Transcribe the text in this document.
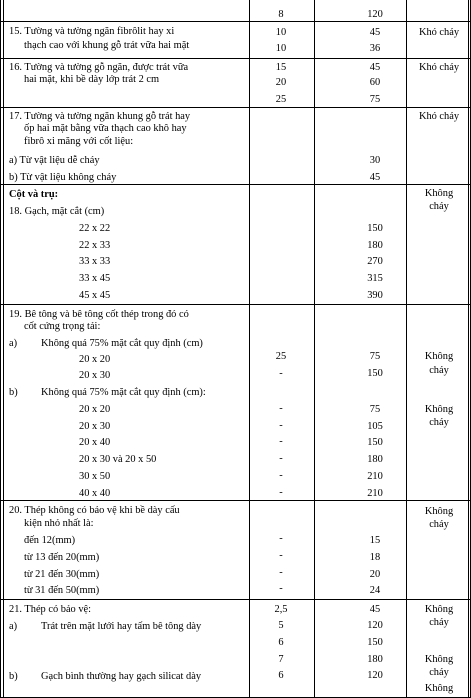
8	120
15. Tường và tường ngăn fibrôlit hay xi
thạch cao với khung gỗ trát vữa hai mặt
10
10
45
36
Khó cháy
16. Tường và tường gỗ ngăn, được trát vữa
hai mặt, khi bề dày lớp trát 2 cm
15
20
25
45
60
75
Khó cháy
17. Tường và tường ngăn khung gỗ trát hay
ốp hai mặt bằng vữa thạch cao khô hay
fibrô xi măng với cốt liệu:
a) Từ vật liệu dễ cháy
b) Từ vật liệu không cháy
30
45
Khó cháy
Cột và trụ:
18. Gạch, mặt cắt (cm)
Không
cháy
22 x 22
22 x 33
33 x 33
33 x 45
45 x 45
150
180
270
315
390
19. Bê tông và bê tông cốt thép trong đó có
cốt cứng trọng tải:
a) Không quá 75% mặt cắt quy định (cm)
20 x 20
20 x 30
25
-
75
150
Không
cháy
b) Không quá 75% mặt cắt quy định (cm):
Không
cháy
20 x 20
20 x 30
20 x 40
20 x 30 và 20 x 50
30 x 50
40 x 40
-
-
-
-
-
-
75
105
150
180
210
210
20. Thép không có bảo vệ khi bề dày cấu
kiện nhỏ nhất là:
Không
cháy
đến 12(mm)
từ 13 đến 20(mm)
từ 21 đến 30(mm)
từ 31 đến 50(mm)
-
-
-
-
15
18
20
24
21. Thép có bảo vệ:
a) Trát trên mặt lưới hay tấm bê tông dày
b) Gạch bình thường hay gạch silicat dày
2,5
5
6
7
6
45
120
150
180
120
Không
cháy
Không
cháy
Không
